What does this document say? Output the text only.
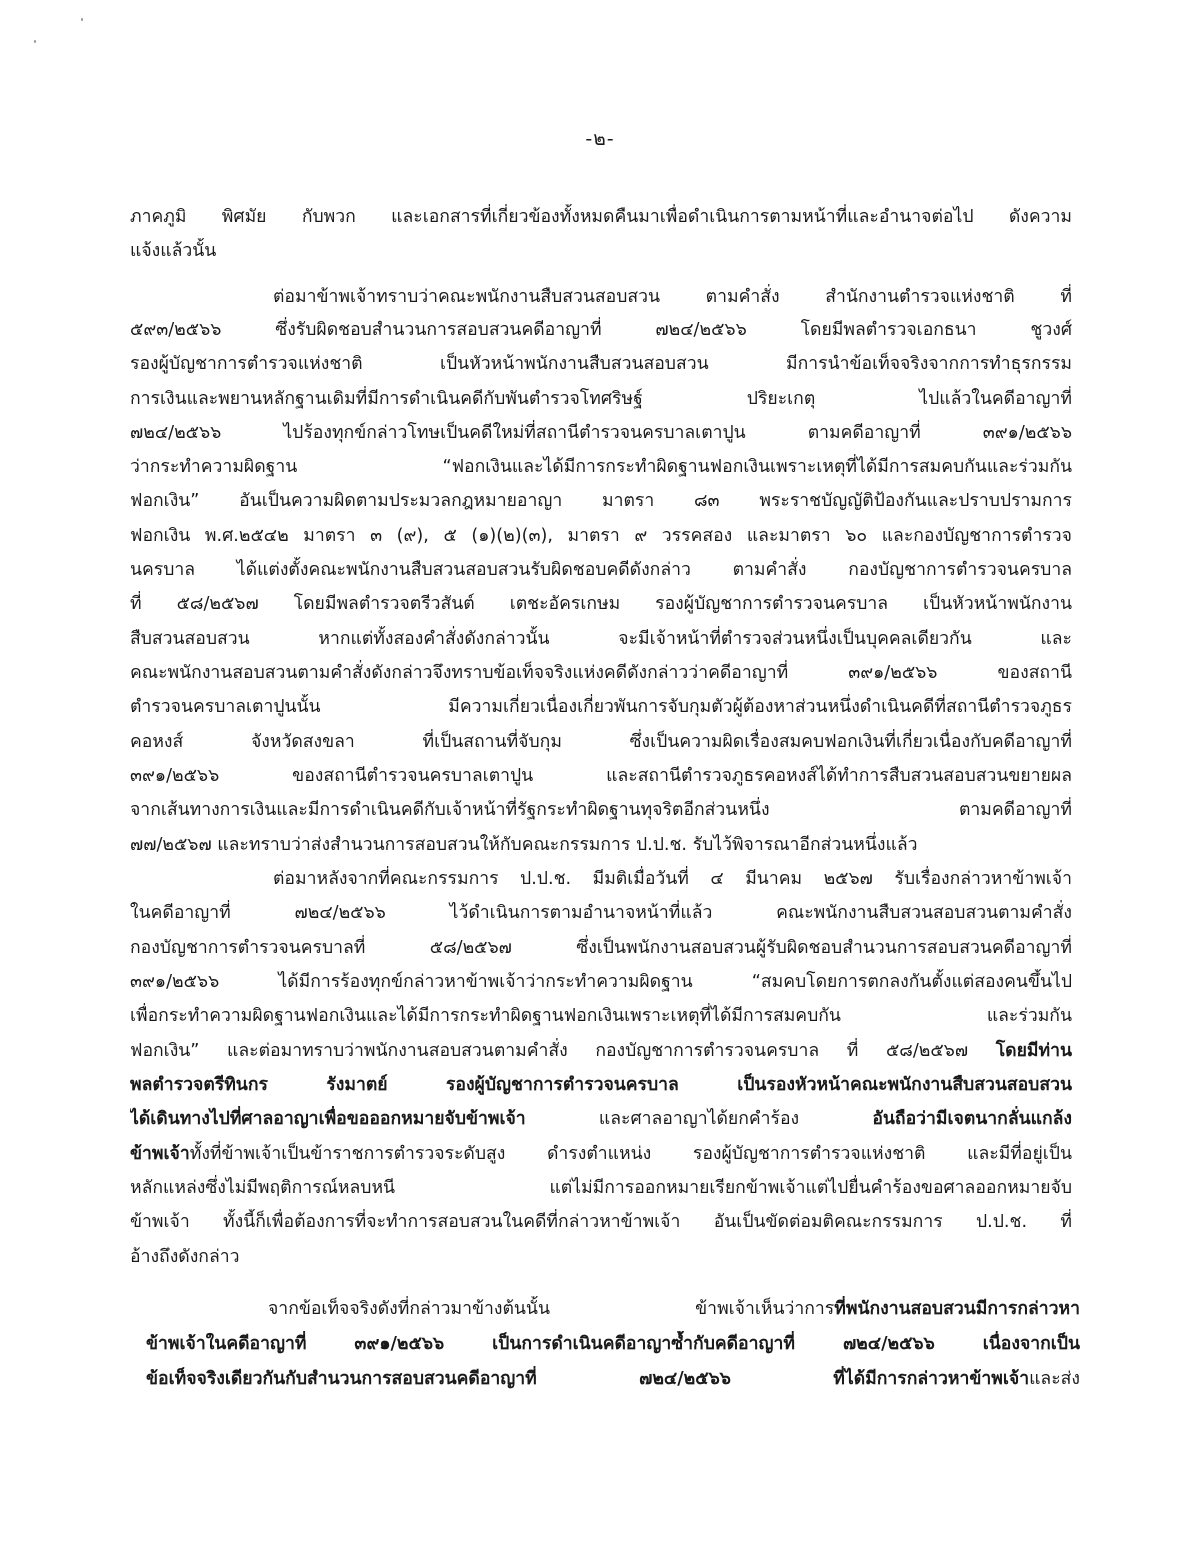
-๒-
ภาคภูมิ พิศมัย กับพวก และเอกสารที่เกี่ยวข้องทั้งหมดคืนมาเพื่อดำเนินการตามหน้าที่และอำนาจต่อไป ดังความ
แจ้งแล้วนั้น
ต่อมาข้าพเจ้าทราบว่าคณะพนักงานสืบสวนสอบสวน ตามคำสั่ง สำนักงานตำรวจแห่งชาติ ที่
๕๙๓/๒๕๖๖ ซึ่งรับผิดชอบสำนวนการสอบสวนคดีอาญาที่ ๗๒๔/๒๕๖๖ โดยมีพลตำรวจเอกธนา ชูวงศ์
รองผู้บัญชาการตำรวจแห่งชาติ เป็นหัวหน้าพนักงานสืบสวนสอบสวน มีการนำข้อเท็จจริงจากการทำธุรกรรม
การเงินและพยานหลักฐานเดิมที่มีการดำเนินคดีกับพันตำรวจโทศริษฐ์ ปริยะเกตุ ไปแล้วในคดีอาญาที่
๗๒๔/๒๕๖๖ ไปร้องทุกข์กล่าวโทษเป็นคดีใหม่ที่สถานีตำรวจนครบาลเตาปูน ตามคดีอาญาที่ ๓๙๑/๒๕๖๖
ว่ากระทำความผิดฐาน “ฟอกเงินและได้มีการกระทำผิดฐานฟอกเงินเพราะเหตุที่ได้มีการสมคบกันและร่วมกัน
ฟอกเงิน” อันเป็นความผิดตามประมวลกฎหมายอาญา มาตรา ๘๓ พระราชบัญญัติป้องกันและปราบปรามการ
ฟอกเงิน พ.ศ.๒๕๔๒ มาตรา ๓ (๙), ๕ (๑)(๒)(๓), มาตรา ๙ วรรคสอง และมาตรา ๖๐ และกองบัญชาการตำรวจ
นครบาล ได้แต่งตั้งคณะพนักงานสืบสวนสอบสวนรับผิดชอบคดีดังกล่าว ตามคำสั่ง กองบัญชาการตำรวจนครบาล
ที่ ๕๘/๒๕๖๗ โดยมีพลตำรวจตรีวสันต์ เตชะอัครเกษม รองผู้บัญชาการตำรวจนครบาล เป็นหัวหน้าพนักงาน
สืบสวนสอบสวน หากแต่ทั้งสองคำสั่งดังกล่าวนั้น จะมีเจ้าหน้าที่ตำรวจส่วนหนึ่งเป็นบุคคลเดียวกัน และ
คณะพนักงานสอบสวนตามคำสั่งดังกล่าวจึงทราบข้อเท็จจริงแห่งคดีดังกล่าวว่าคดีอาญาที่ ๓๙๑/๒๕๖๖ ของสถานี
ตำรวจนครบาลเตาปูนนั้น มีความเกี่ยวเนื่องเกี่ยวพันการจับกุมตัวผู้ต้องหาส่วนหนึ่งดำเนินคดีที่สถานีตำรวจภูธร
คอหงส์ จังหวัดสงขลา ที่เป็นสถานที่จับกุม ซึ่งเป็นความผิดเรื่องสมคบฟอกเงินที่เกี่ยวเนื่องกับคดีอาญาที่
๓๙๑/๒๕๖๖ ของสถานีตำรวจนครบาลเตาปูน และสถานีตำรวจภูธรคอหงส์ได้ทำการสืบสวนสอบสวนขยายผล
จากเส้นทางการเงินและมีการดำเนินคดีกับเจ้าหน้าที่รัฐกระทำผิดฐานทุจริตอีกส่วนหนึ่ง ตามคดีอาญาที่
๗๗/๒๕๖๗ และทราบว่าส่งสำนวนการสอบสวนให้กับคณะกรรมการ ป.ป.ช. รับไว้พิจารณาอีกส่วนหนึ่งแล้ว
ต่อมาหลังจากที่คณะกรรมการ ป.ป.ช. มีมติเมื่อวันที่ ๔ มีนาคม ๒๕๖๗ รับเรื่องกล่าวหาข้าพเจ้า
ในคดีอาญาที่ ๗๒๔/๒๕๖๖ ไว้ดำเนินการตามอำนาจหน้าที่แล้ว คณะพนักงานสืบสวนสอบสวนตามคำสั่ง
กองบัญชาการตำรวจนครบาลที่ ๕๘/๒๕๖๗ ซึ่งเป็นพนักงานสอบสวนผู้รับผิดชอบสำนวนการสอบสวนคดีอาญาที่
๓๙๑/๒๕๖๖ ได้มีการร้องทุกข์กล่าวหาข้าพเจ้าว่ากระทำความผิดฐาน “สมคบโดยการตกลงกันตั้งแต่สองคนขึ้นไป
เพื่อกระทำความผิดฐานฟอกเงินและได้มีการกระทำผิดฐานฟอกเงินเพราะเหตุที่ได้มีการสมคบกัน และร่วมกัน
ฟอกเงิน” และต่อมาทราบว่าพนักงานสอบสวนตามคำสั่ง กองบัญชาการตำรวจนครบาล ที่ ๕๘/๒๕๖๗ โดยมีท่าน
พลตำรวจตรีทินกร รังมาตย์ รองผู้บัญชาการตำรวจนครบาล เป็นรองหัวหน้าคณะพนักงานสืบสวนสอบสวน
ได้เดินทางไปที่ศาลอาญาเพื่อขอออกหมายจับข้าพเจ้า และศาลอาญาได้ยกคำร้อง อันถือว่ามีเจตนากลั่นแกล้ง
ข้าพเจ้าทั้งที่ข้าพเจ้าเป็นข้าราชการตำรวจระดับสูง ดำรงตำแหน่ง รองผู้บัญชาการตำรวจแห่งชาติ และมีที่อยู่เป็น
หลักแหล่งซึ่งไม่มีพฤติการณ์หลบหนี แต่ไม่มีการออกหมายเรียกข้าพเจ้าแต่ไปยื่นคำร้องขอศาลออกหมายจับ
ข้าพเจ้า ทั้งนี้ก็เพื่อต้องการที่จะทำการสอบสวนในคดีที่กล่าวหาข้าพเจ้า อันเป็นขัดต่อมติคณะกรรมการ ป.ป.ช. ที่
อ้างถึงดังกล่าว
จากข้อเท็จจริงดังที่กล่าวมาข้างต้นนั้น ข้าพเจ้าเห็นว่าการที่พนักงานสอบสวนมีการกล่าวหา
ข้าพเจ้าในคดีอาญาที่ ๓๙๑/๒๕๖๖ เป็นการดำเนินคดีอาญาซ้ำกับคดีอาญาที่ ๗๒๔/๒๕๖๖ เนื่องจากเป็น
ข้อเท็จจริงเดียวกันกับสำนวนการสอบสวนคดีอาญาที่ ๗๒๔/๒๕๖๖ ที่ได้มีการกล่าวหาข้าพเจ้าและส่ง
